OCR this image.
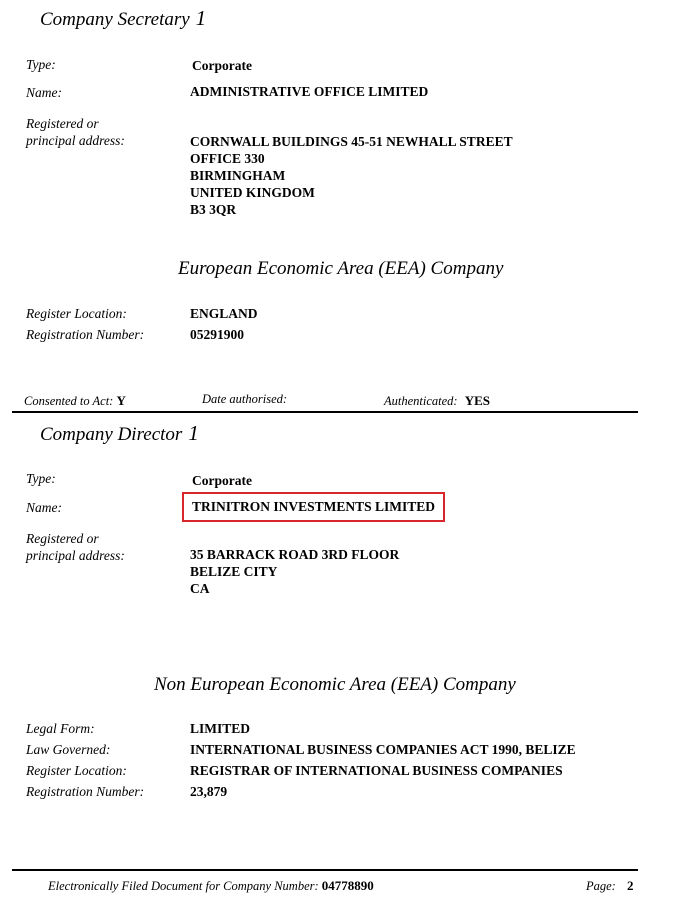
Company Secretary 1
Type:	Corporate
Name:	ADMINISTRATIVE OFFICE LIMITED
Registered or
principal address:	CORNWALL BUILDINGS 45-51 NEWHALL STREET
OFFICE 330
BIRMINGHAM
UNITED KINGDOM
B3 3QR
European Economic Area (EEA) Company
Register Location:	ENGLAND
Registration Number:	05291900
Consented to Act: Y	Date authorised:	Authenticated: YES
Company Director 1
Type:	Corporate
Name:	TRINITRON INVESTMENTS LIMITED
Registered or
principal address:	35 BARRACK ROAD 3RD FLOOR
BELIZE CITY
CA
Non European Economic Area (EEA) Company
Legal Form:	LIMITED
Law Governed:	INTERNATIONAL BUSINESS COMPANIES ACT 1990, BELIZE
Register Location:	REGISTRAR OF INTERNATIONAL BUSINESS COMPANIES
Registration Number:	23,879
Electronically Filed Document for Company Number: 04778890	Page: 2
